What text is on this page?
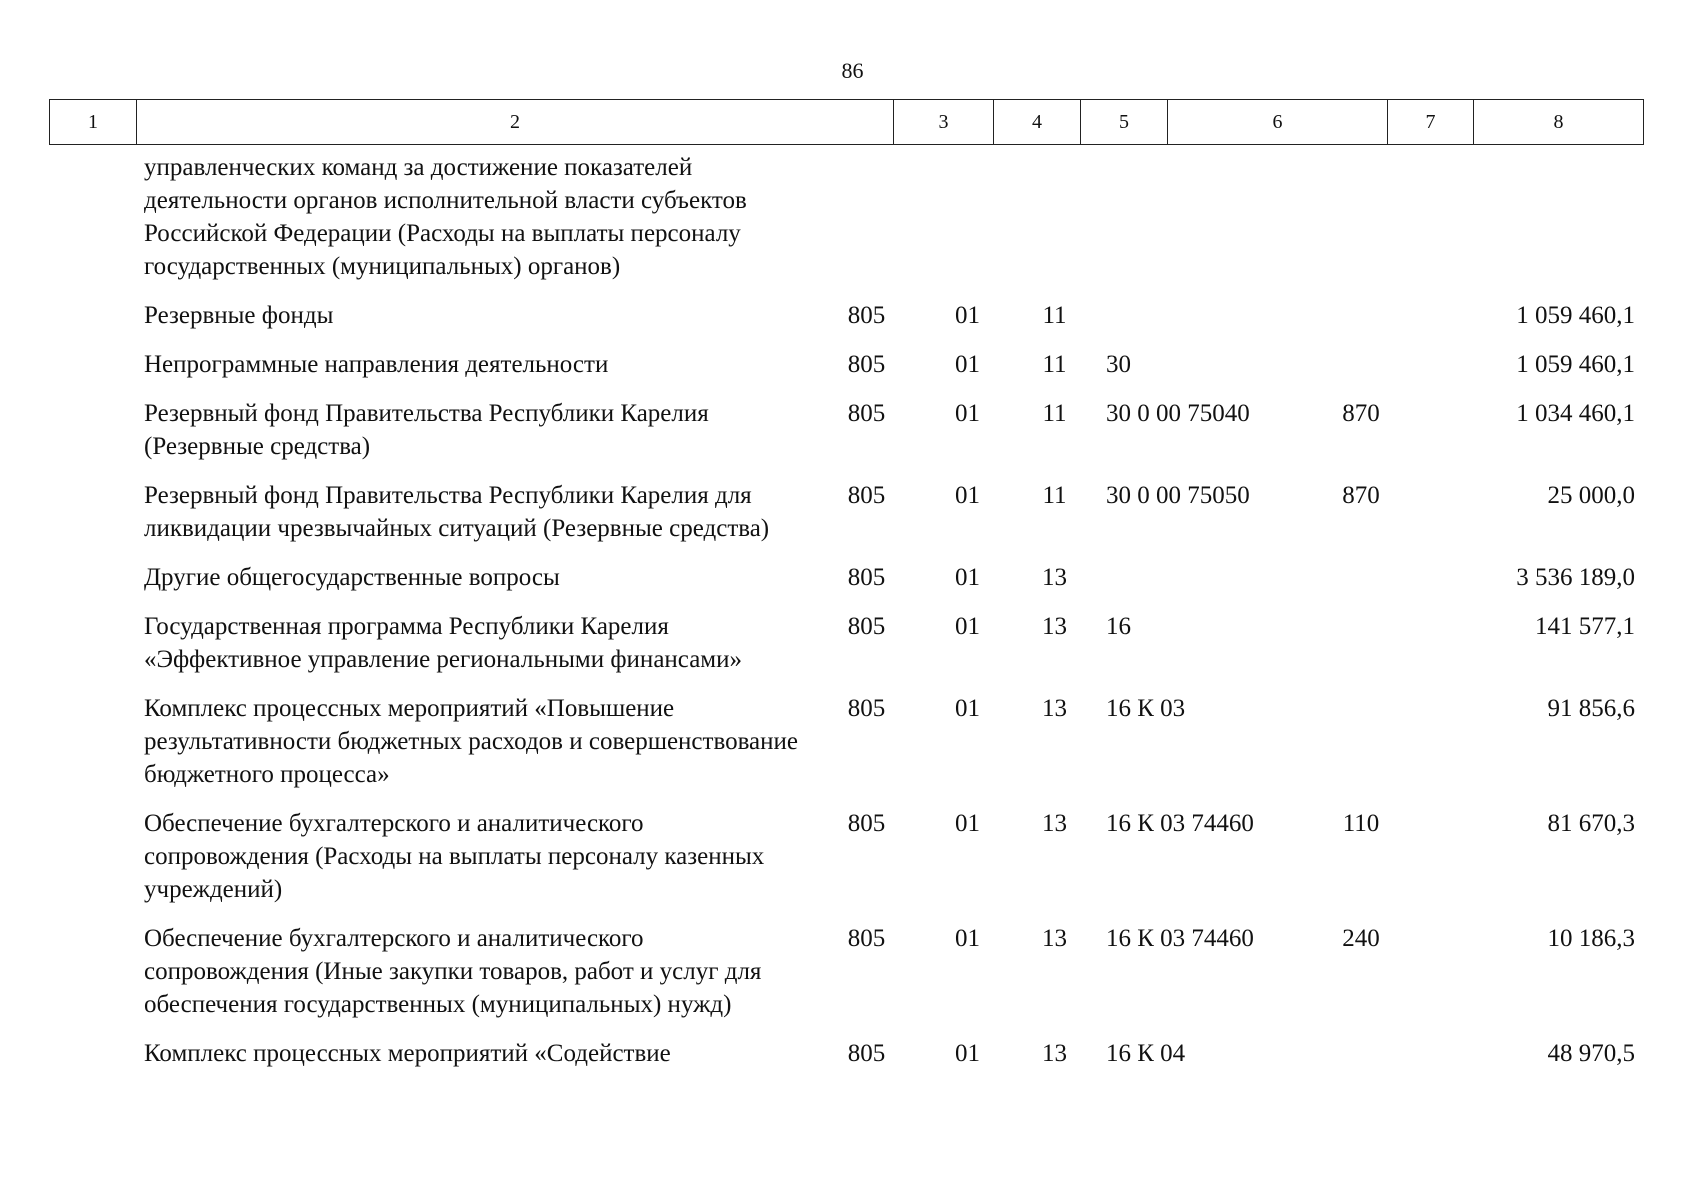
86
1	2	3	4	5	6	7	8
управленческих команд за достижение показателей деятельности органов исполнительной власти субъектов Российской Федерации (Расходы на выплаты персоналу государственных (муниципальных) органов)						
Резервные фонды	805	01	11			1 059 460,1
Непрограммные направления деятельности	805	01	11	30		1 059 460,1
Резервный фонд Правительства Республики Карелия (Резервные средства)	805	01	11	30 0 00 75040	870	1 034 460,1
Резервный фонд Правительства Республики Карелия для ликвидации чрезвычайных ситуаций (Резервные средства)	805	01	11	30 0 00 75050	870	25 000,0
Другие общегосударственные вопросы	805	01	13			3 536 189,0
Государственная программа Республики Карелия «Эффективное управление региональными финансами»	805	01	13	16		141 577,1
Комплекс процессных мероприятий «Повышение результативности бюджетных расходов и совершенствование бюджетного процесса»	805	01	13	16 К 03		91 856,6
Обеспечение бухгалтерского и аналитического сопровождения (Расходы на выплаты персоналу казенных учреждений)	805	01	13	16 К 03 74460	110	81 670,3
Обеспечение бухгалтерского и аналитического сопровождения (Иные закупки товаров, работ и услуг для обеспечения государственных (муниципальных) нужд)	805	01	13	16 К 03 74460	240	10 186,3
Комплекс процессных мероприятий «Содействие	805	01	13	16 К 04		48 970,5
